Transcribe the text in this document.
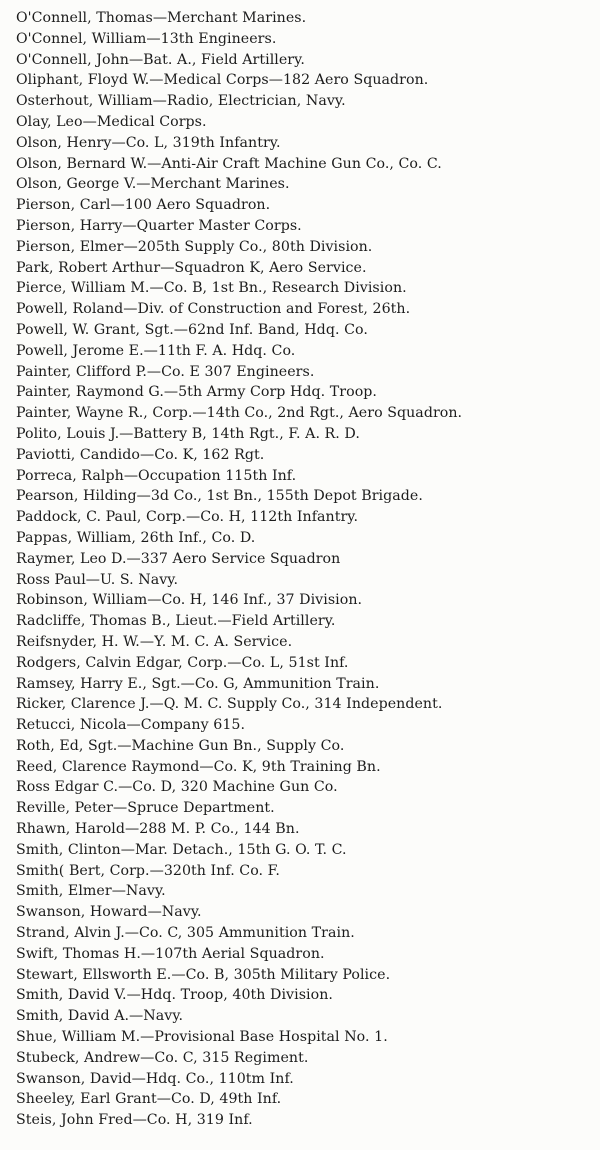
O'Connell, Thomas—Merchant Marines.
O'Connel, William—13th Engineers.
O'Connell, John—Bat. A., Field Artillery.
Oliphant, Floyd W.—Medical Corps—182 Aero Squadron.
Osterhout, William—Radio, Electrician, Navy.
Olay, Leo—Medical Corps.
Olson, Henry—Co. L, 319th Infantry.
Olson, Bernard W.—Anti-Air Craft Machine Gun Co., Co. C.
Olson, George V.—Merchant Marines.
Pierson, Carl—100 Aero Squadron.
Pierson, Harry—Quarter Master Corps.
Pierson, Elmer—205th Supply Co., 80th Division.
Park, Robert Arthur—Squadron K, Aero Service.
Pierce, William M.—Co. B, 1st Bn., Research Division.
Powell, Roland—Div. of Construction and Forest, 26th.
Powell, W. Grant, Sgt.—62nd Inf. Band, Hdq. Co.
Powell, Jerome E.—11th F. A. Hdq. Co.
Painter, Clifford P.—Co. E 307 Engineers.
Painter, Raymond G.—5th Army Corp Hdq. Troop.
Painter, Wayne R., Corp.—14th Co., 2nd Rgt., Aero Squadron.
Polito, Louis J.—Battery B, 14th Rgt., F. A. R. D.
Paviotti, Candido—Co. K, 162 Rgt.
Porreca, Ralph—Occupation 115th Inf.
Pearson, Hilding—3d Co., 1st Bn., 155th Depot Brigade.
Paddock, C. Paul, Corp.—Co. H, 112th Infantry.
Pappas, William, 26th Inf., Co. D.
Raymer, Leo D.—337 Aero Service Squadron
Ross Paul—U. S. Navy.
Robinson, William—Co. H, 146 Inf., 37 Division.
Radcliffe, Thomas B., Lieut.—Field Artillery.
Reifsnyder, H. W.—Y. M. C. A. Service.
Rodgers, Calvin Edgar, Corp.—Co. L, 51st Inf.
Ramsey, Harry E., Sgt.—Co. G, Ammunition Train.
Ricker, Clarence J.—Q. M. C. Supply Co., 314 Independent.
Retucci, Nicola—Company 615.
Roth, Ed, Sgt.—Machine Gun Bn., Supply Co.
Reed, Clarence Raymond—Co. K, 9th Training Bn.
Ross Edgar C.—Co. D, 320 Machine Gun Co.
Reville, Peter—Spruce Department.
Rhawn, Harold—288 M. P. Co., 144 Bn.
Smith, Clinton—Mar. Detach., 15th G. O. T. C.
Smith( Bert, Corp.—320th Inf. Co. F.
Smith, Elmer—Navy.
Swanson, Howard—Navy.
Strand, Alvin J.—Co. C, 305 Ammunition Train.
Swift, Thomas H.—107th Aerial Squadron.
Stewart, Ellsworth E.—Co. B, 305th Military Police.
Smith, David V.—Hdq. Troop, 40th Division.
Smith, David A.—Navy.
Shue, William M.—Provisional Base Hospital No. 1.
Stubeck, Andrew—Co. C, 315 Regiment.
Swanson, David—Hdq. Co., 110tm Inf.
Sheeley, Earl Grant—Co. D, 49th Inf.
Steis, John Fred—Co. H, 319 Inf.
